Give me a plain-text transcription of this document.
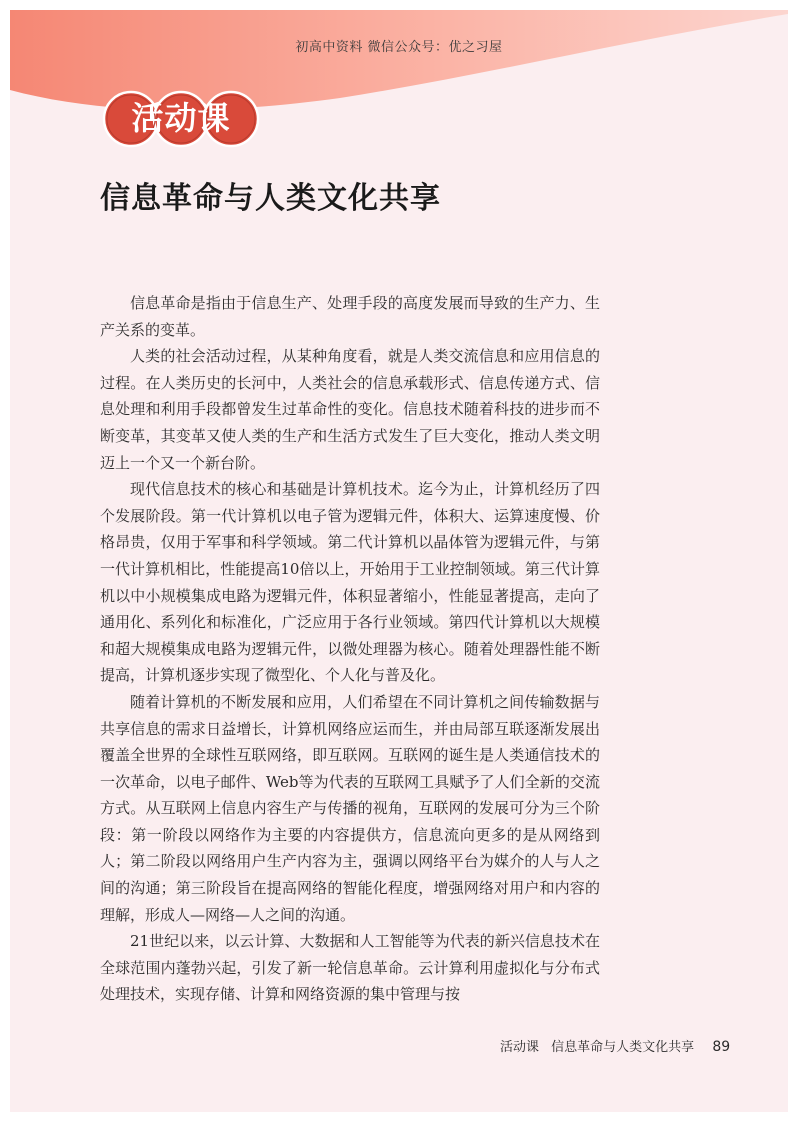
初高中资料 微信公众号：优之习屋
活动课
信息革命与人类文化共享

信息革命是指由于信息生产、处理手段的高度发展而导致的生产力、生产关系的变革。

人类的社会活动过程，从某种角度看，就是人类交流信息和应用信息的过程。在人类历史的长河中，人类社会的信息承载形式、信息传递方式、信息处理和利用手段都曾发生过革命性的变化。信息技术随着科技的进步而不断变革，其变革又使人类的生产和生活方式发生了巨大变化，推动人类文明迈上一个又一个新台阶。

现代信息技术的核心和基础是计算机技术。迄今为止，计算机经历了四个发展阶段。第一代计算机以电子管为逻辑元件，体积大、运算速度慢、价格昂贵，仅用于军事和科学领域。第二代计算机以晶体管为逻辑元件，与第一代计算机相比，性能提高10倍以上，开始用于工业控制领域。第三代计算机以中小规模集成电路为逻辑元件，体积显著缩小，性能显著提高，走向了通用化、系列化和标准化，广泛应用于各行业领域。第四代计算机以大规模和超大规模集成电路为逻辑元件，以微处理器为核心。随着处理器性能不断提高，计算机逐步实现了微型化、个人化与普及化。

随着计算机的不断发展和应用，人们希望在不同计算机之间传输数据与共享信息的需求日益增长，计算机网络应运而生，并由局部互联逐渐发展出覆盖全世界的全球性互联网络，即互联网。互联网的诞生是人类通信技术的一次革命，以电子邮件、Web等为代表的互联网工具赋予了人们全新的交流方式。从互联网上信息内容生产与传播的视角，互联网的发展可分为三个阶段：第一阶段以网络作为主要的内容提供方，信息流向更多的是从网络到人；第二阶段以网络用户生产内容为主，强调以网络平台为媒介的人与人之间的沟通；第三阶段旨在提高网络的智能化程度，增强网络对用户和内容的理解，形成人—网络—人之间的沟通。

21世纪以来，以云计算、大数据和人工智能等为代表的新兴信息技术在全球范围内蓬勃兴起，引发了新一轮信息革命。云计算利用虚拟化与分布式处理技术，实现存储、计算和网络资源的集中管理与按

活动课 信息革命与人类文化共享 89
